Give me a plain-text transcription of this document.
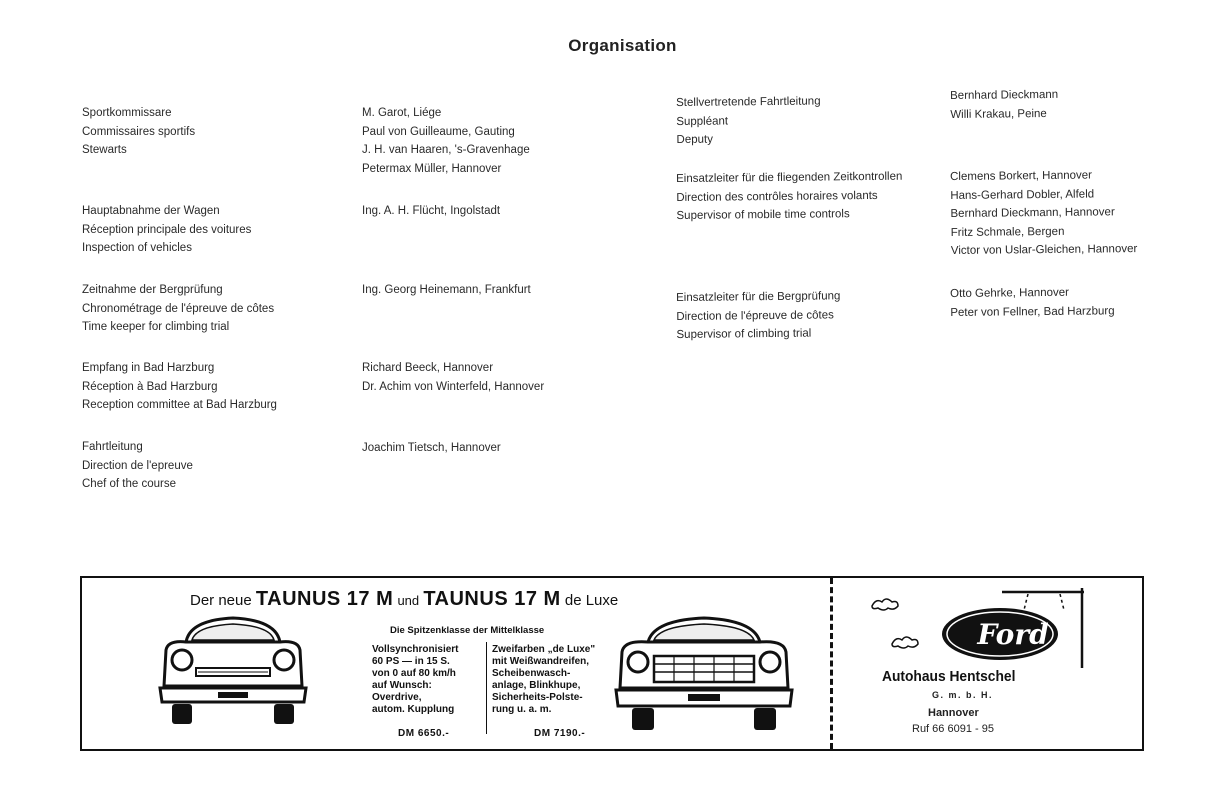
Organisation
Sportkommissare
Commissaires sportifs
Stewarts
Hauptabnahme der Wagen
Réception principale des voitures
Inspection of vehicles
Zeitnahme der Bergprüfung
Chronométrage de l'épreuve de côtes
Time keeper for climbing trial
Empfang in Bad Harzburg
Réception à Bad Harzburg
Reception committee at Bad Harzburg
Fahrtleitung
Direction de l'epreuve
Chef of the course
M. Garot, Liége
Paul von Guilleaume, Gauting
J. H. van Haaren, 's-Gravenhage
Petermax Müller, Hannover
Ing. A. H. Flücht, Ingolstadt
Ing. Georg Heinemann, Frankfurt
Richard Beeck, Hannover
Dr. Achim von Winterfeld, Hannover
Joachim Tietsch, Hannover
Stellvertretende Fahrtleitung
Suppléant
Deputy
Einsatzleiter für die fliegenden Zeitkontrollen
Direction des contrôles horaires volants
Supervisor of mobile time controls
Einsatzleiter für die Bergprüfung
Direction de l'épreuve de côtes
Supervisor of climbing trial
Bernhard Dieckmann
Willi Krakau, Peine
Clemens Borkert, Hannover
Hans-Gerhard Dobler, Alfeld
Bernhard Dieckmann, Hannover
Fritz Schmale, Bergen
Victor von Uslar-Gleichen, Hannover
Otto Gehrke, Hannover
Peter von Fellner, Bad Harzburg
Der neue TAUNUS 17 M und TAUNUS 17 M de Luxe
Die Spitzenklasse der Mittelklasse
Vollsynchronisiert
60 PS — in 15 S.
von 0 auf 80 km/h
auf Wunsch:
Overdrive,
autom. Kupplung
Zweifarben „de Luxe"
mit Weißwandreifen,
Scheibenwasch-
anlage, Blinkhupe,
Sicherheits-Polste-
rung u. a. m.
DM 6650.-	DM 7190.-
Ford
Autohaus Hentschel
G. m. b. H.
Hannover
Ruf 66 6091 - 95
